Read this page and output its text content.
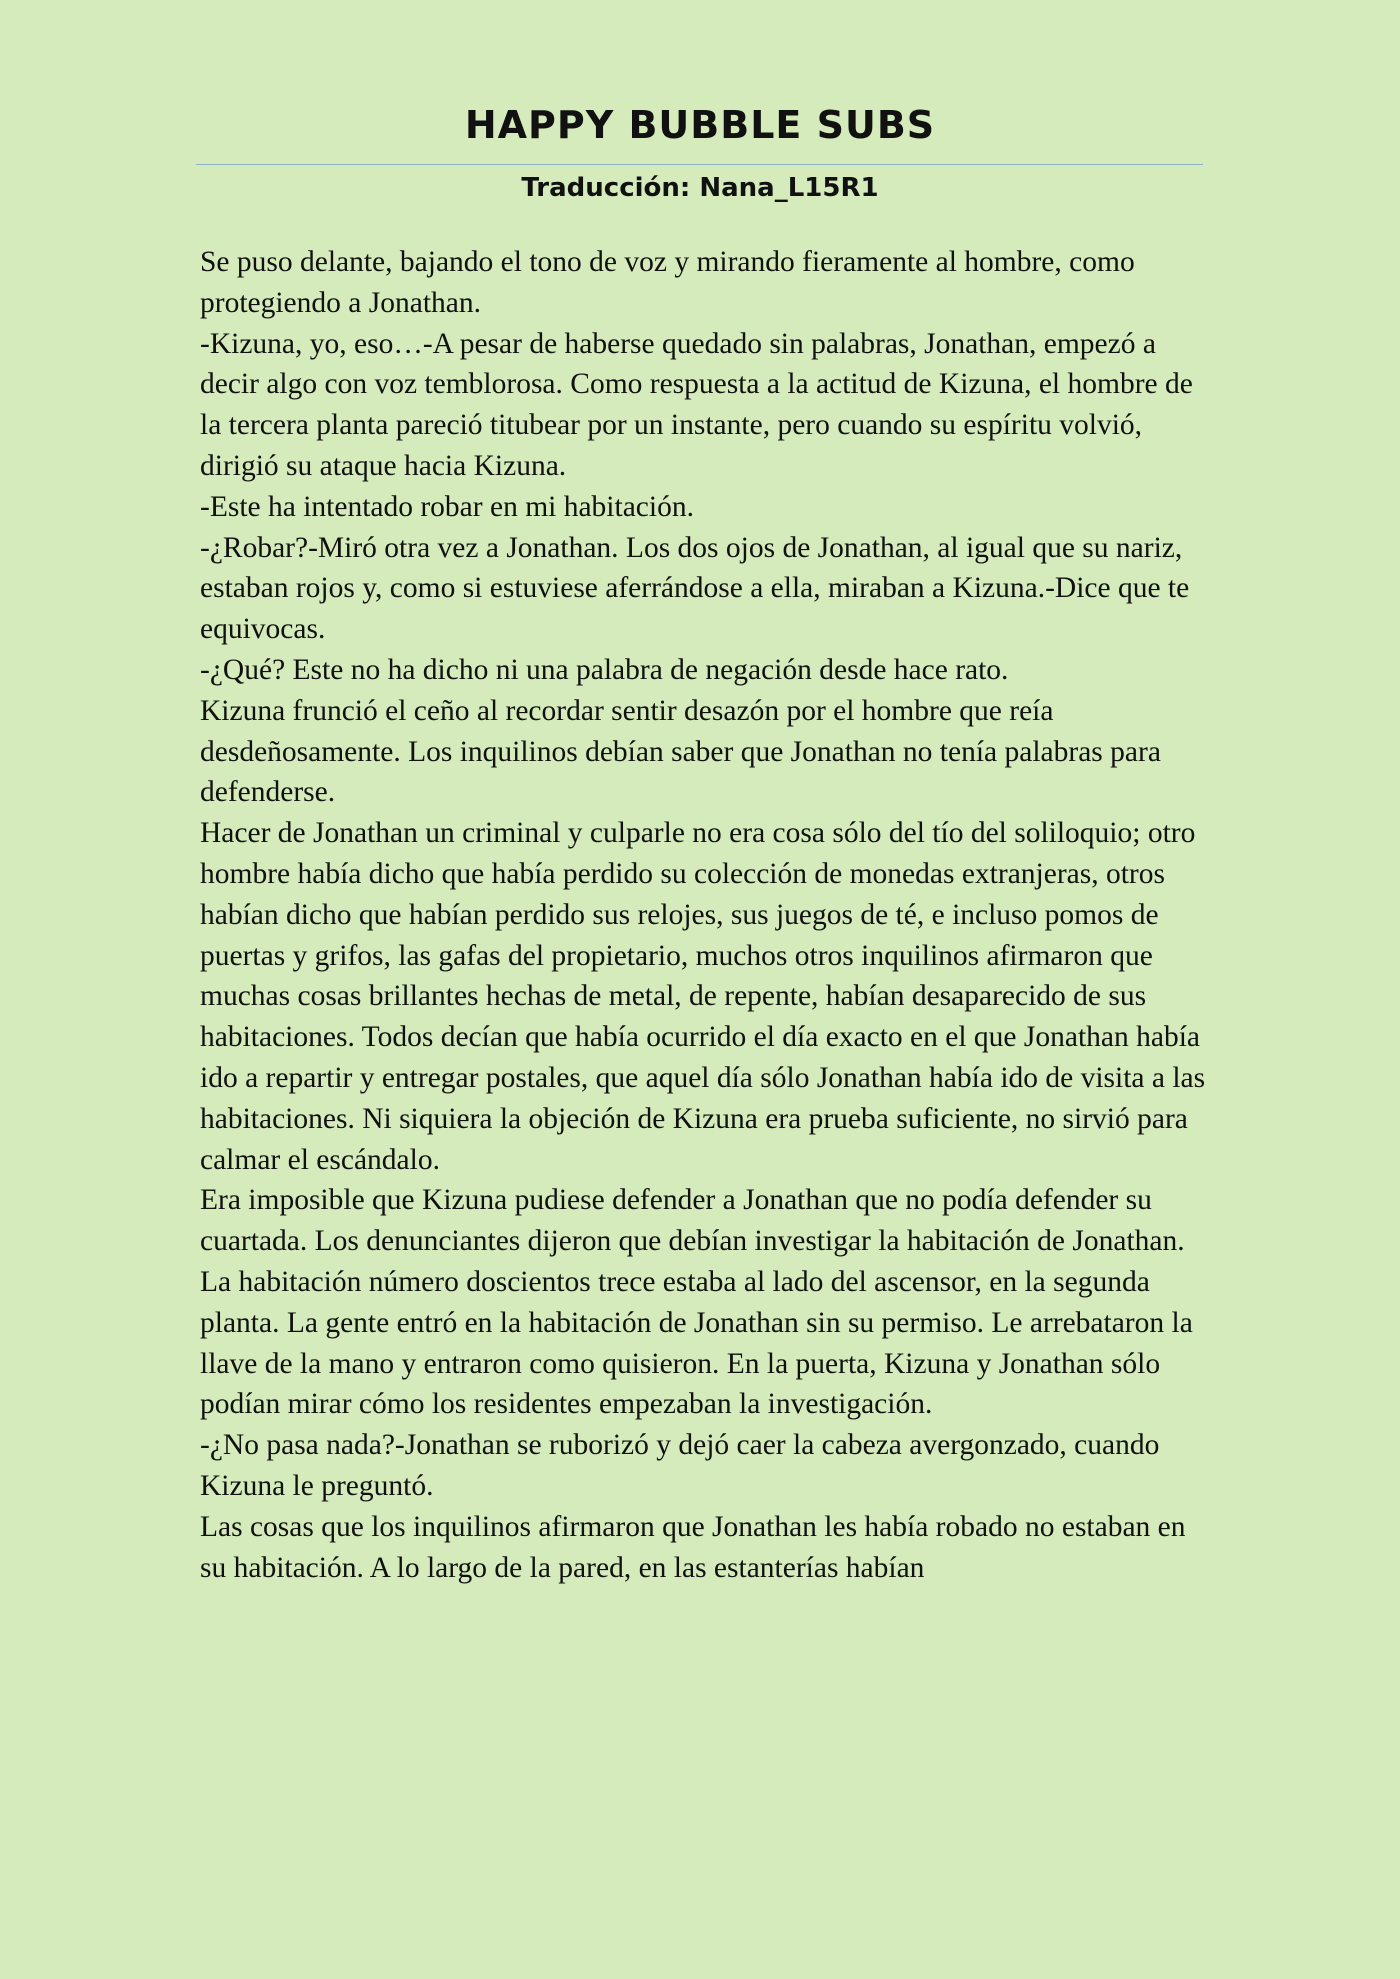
HAPPY BUBBLE SUBS
Traducción: Nana_L15R1

Se puso delante, bajando el tono de voz y mirando fieramente al hombre, como protegiendo a Jonathan.

-Kizuna, yo, eso…-A pesar de haberse quedado sin palabras, Jonathan, empezó a decir algo con voz temblorosa. Como respuesta a la actitud de Kizuna, el hombre de la tercera planta pareció titubear por un instante, pero cuando su espíritu volvió, dirigió su ataque hacia Kizuna.

-Este ha intentado robar en mi habitación.

-¿Robar?-Miró otra vez a Jonathan. Los dos ojos de Jonathan, al igual que su nariz, estaban rojos y, como si estuviese aferrándose a ella, miraban a Kizuna.-Dice que te equivocas.

-¿Qué? Este no ha dicho ni una palabra de negación desde hace rato.

Kizuna frunció el ceño al recordar sentir desazón por el hombre que reía desdeñosamente. Los inquilinos debían saber que Jonathan no tenía palabras para defenderse.

Hacer de Jonathan un criminal y culparle no era cosa sólo del tío del soliloquio; otro hombre había dicho que había perdido su colección de monedas extranjeras, otros habían dicho que habían perdido sus relojes, sus juegos de té, e incluso pomos de puertas y grifos, las gafas del propietario, muchos otros inquilinos afirmaron que muchas cosas brillantes hechas de metal, de repente, habían desaparecido de sus habitaciones. Todos decían que había ocurrido el día exacto en el que Jonathan había ido a repartir y entregar postales, que aquel día sólo Jonathan había ido de visita a las habitaciones. Ni siquiera la objeción de Kizuna era prueba suficiente, no sirvió para calmar el escándalo.

Era imposible que Kizuna pudiese defender a Jonathan que no podía defender su cuartada. Los denunciantes dijeron que debían investigar la habitación de Jonathan.

La habitación número doscientos trece estaba al lado del ascensor, en la segunda planta. La gente entró en la habitación de Jonathan sin su permiso. Le arrebataron la llave de la mano y entraron como quisieron. En la puerta, Kizuna y Jonathan sólo podían mirar cómo los residentes empezaban la investigación.

-¿No pasa nada?-Jonathan se ruborizó y dejó caer la cabeza avergonzado, cuando Kizuna le preguntó.

Las cosas que los inquilinos afirmaron que Jonathan les había robado no estaban en su habitación. A lo largo de la pared, en las estanterías habían
